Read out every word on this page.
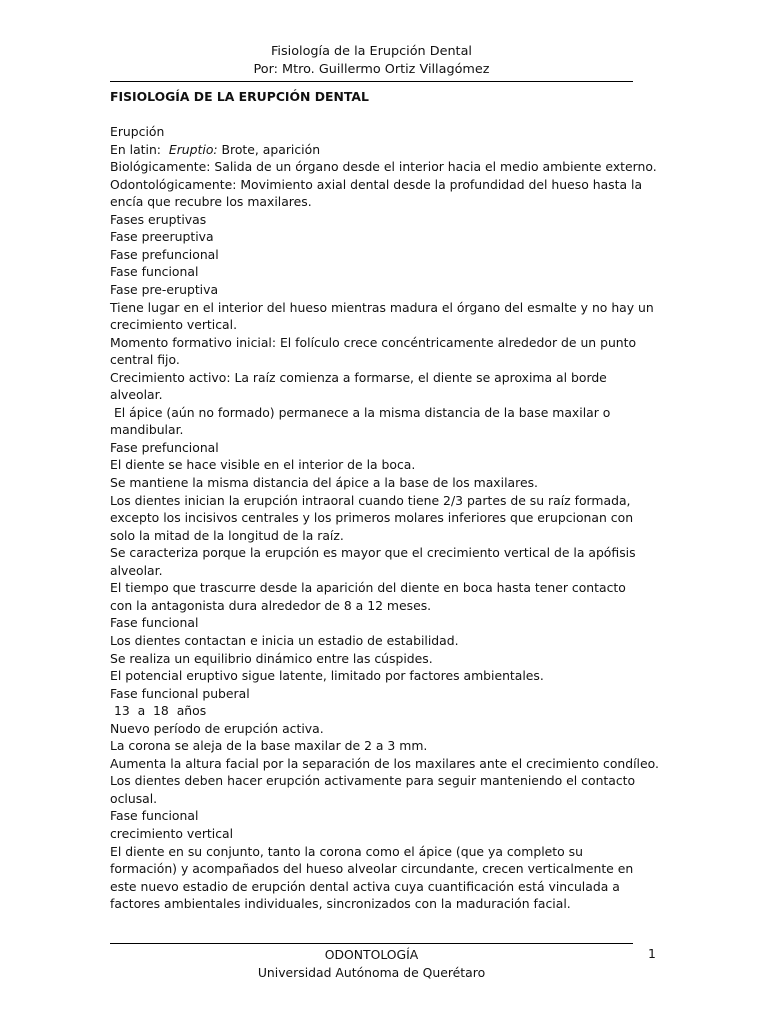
Fisiología de la Erupción Dental
Por: Mtro. Guillermo Ortiz Villagómez
FISIOLOGÍA DE LA ERUPCIÓN DENTAL
Erupción
En latin:  Eruptio: Brote, aparición
Biológicamente: Salida de un órgano desde el interior hacia el medio ambiente externo.
Odontológicamente: Movimiento axial dental desde la profundidad del hueso hasta la
encía que recubre los maxilares.
Fases eruptivas
Fase preeruptiva
Fase prefuncional
Fase funcional
Fase pre-eruptiva
Tiene lugar en el interior del hueso mientras madura el órgano del esmalte y no hay un
crecimiento vertical.
Momento formativo inicial: El folículo crece concéntricamente alrededor de un punto
central fijo.
Crecimiento activo: La raíz comienza a formarse, el diente se aproxima al borde
alveolar.
El ápice (aún no formado) permanece a la misma distancia de la base maxilar o
mandibular.
Fase prefuncional
El diente se hace visible en el interior de la boca.
Se mantiene la misma distancia del ápice a la base de los maxilares.
Los dientes inician la erupción intraoral cuando tiene 2/3 partes de su raíz formada,
excepto los incisivos centrales y los primeros molares inferiores que erupcionan con
solo la mitad de la longitud de la raíz.
Se caracteriza porque la erupción es mayor que el crecimiento vertical de la apófisis
alveolar.
El tiempo que trascurre desde la aparición del diente en boca hasta tener contacto
con la antagonista dura alrededor de 8 a 12 meses.
Fase funcional
Los dientes contactan e inicia un estadio de estabilidad.
Se realiza un equilibrio dinámico entre las cúspides.
El potencial eruptivo sigue latente, limitado por factores ambientales.
Fase funcional puberal
13  a  18  años
Nuevo período de erupción activa.
La corona se aleja de la base maxilar de 2 a 3 mm.
Aumenta la altura facial por la separación de los maxilares ante el crecimiento condíleo.
Los dientes deben hacer erupción activamente para seguir manteniendo el contacto
oclusal.
Fase funcional
crecimiento vertical
El diente en su conjunto, tanto la corona como el ápice (que ya completo su
formación) y acompañados del hueso alveolar circundante, crecen verticalmente en
este nuevo estadio de erupción dental activa cuya cuantificación está vinculada a
factores ambientales individuales, sincronizados con la maduración facial.
ODONTOLOGÍA
Universidad Autónoma de Querétaro
1
